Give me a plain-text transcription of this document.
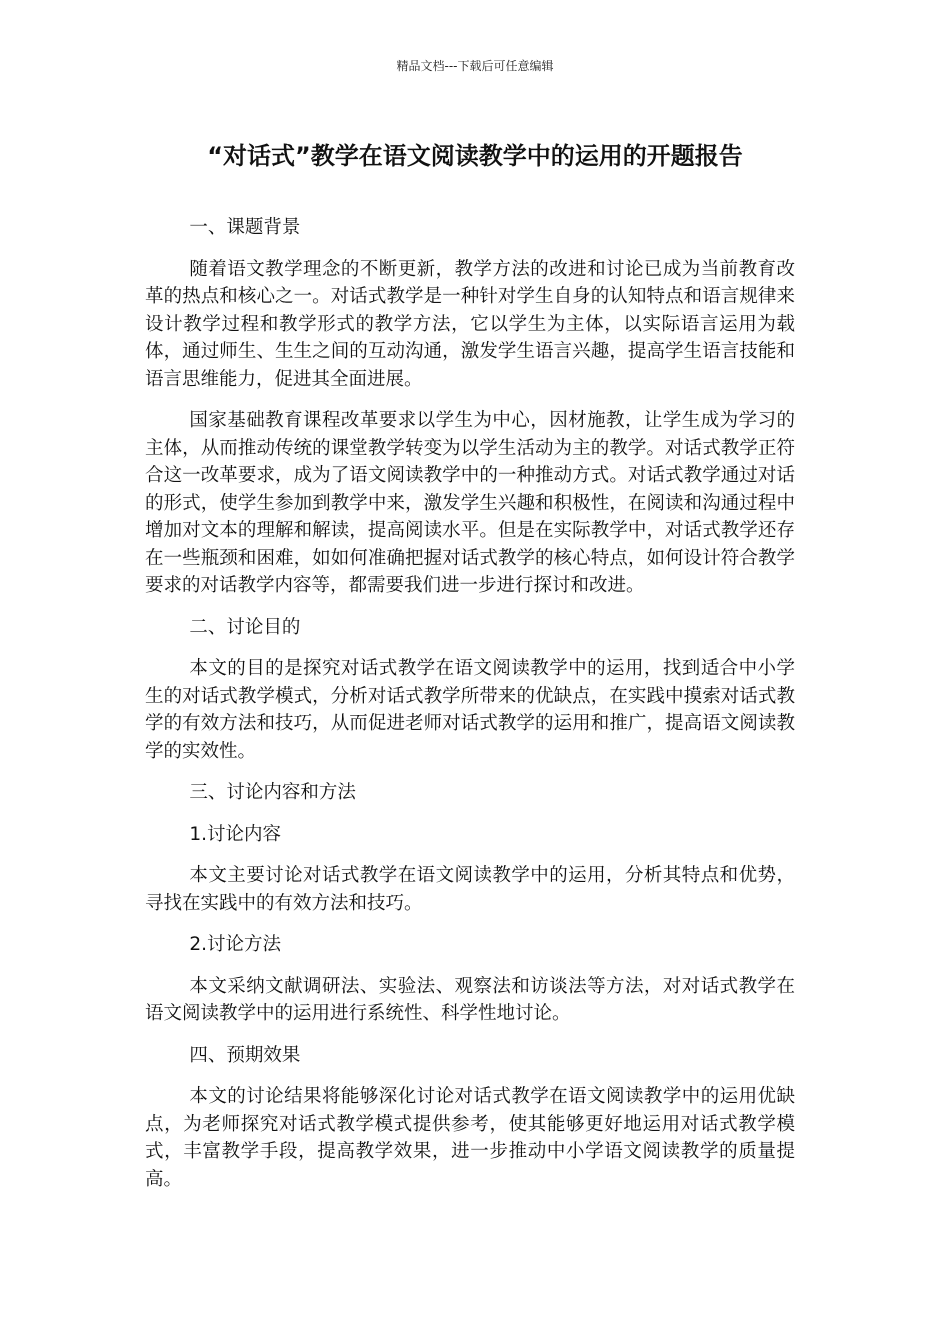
精品文档---下载后可任意编辑
“对话式”教学在语文阅读教学中的运用的开题报告
一、课题背景

随着语文教学理念的不断更新，教学方法的改进和讨论已成为当前教育改革的热点和核心之一。对话式教学是一种针对学生自身的认知特点和语言规律来设计教学过程和教学形式的教学方法，它以学生为主体，以实际语言运用为载体，通过师生、生生之间的互动沟通，激发学生语言兴趣，提高学生语言技能和语言思维能力，促进其全面进展。

国家基础教育课程改革要求以学生为中心，因材施教，让学生成为学习的主体，从而推动传统的课堂教学转变为以学生活动为主的教学。对话式教学正符合这一改革要求，成为了语文阅读教学中的一种推动方式。对话式教学通过对话的形式，使学生参加到教学中来，激发学生兴趣和积极性，在阅读和沟通过程中增加对文本的理解和解读，提高阅读水平。但是在实际教学中，对话式教学还存在一些瓶颈和困难，如如何准确把握对话式教学的核心特点，如何设计符合教学要求的对话教学内容等，都需要我们进一步进行探讨和改进。

二、讨论目的

本文的目的是探究对话式教学在语文阅读教学中的运用，找到适合中小学生的对话式教学模式，分析对话式教学所带来的优缺点，在实践中摸索对话式教学的有效方法和技巧，从而促进老师对话式教学的运用和推广，提高语文阅读教学的实效性。

三、讨论内容和方法
1.讨论内容

本文主要讨论对话式教学在语文阅读教学中的运用，分析其特点和优势，寻找在实践中的有效方法和技巧。

2.讨论方法

本文采纳文献调研法、实验法、观察法和访谈法等方法，对对话式教学在语文阅读教学中的运用进行系统性、科学性地讨论。

四、预期效果

本文的讨论结果将能够深化讨论对话式教学在语文阅读教学中的运用优缺点，为老师探究对话式教学模式提供参考，使其能够更好地运用对话式教学模式，丰富教学手段，提高教学效果，进一步推动中小学语文阅读教学的质量提高。
